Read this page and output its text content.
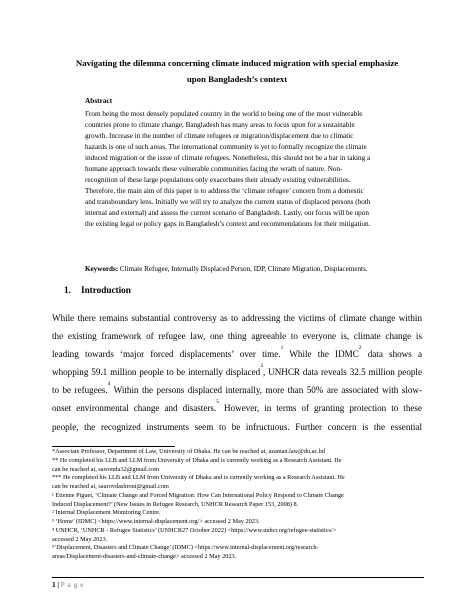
Navigating the dilemma concerning climate induced migration with special emphasize
upon Bangladesh’s context
Abstract

From being the most densely populated country in the world to being one of the most vulnerable

countries prone to climate change, Bangladesh has many areas to focus upon for a sustainable

growth. Increase in the number of climate refugees or migration/displacement due to climatic

hazards is one of such areas. The international community is yet to formally recognize the climate

induced migration or the issue of climate refugees. Nonetheless, this should not be a bar in taking a

humane approach towards these vulnerable communities facing the wrath of nature. Non-

recognition of these large populations only exacerbates their already existing vulnerabilities.

Therefore, the main aim of this paper is to address the ‘climate refugee’ concern from a domestic

and transboundary lens. Initially we will try to analyze the current status of displaced persons (both

internal and external) and assess the current scenario of Bangladesh. Lastly, our focus will be upon

the existing legal or policy gaps in Bangladesh’s context and recommendations for their mitigation.

Keywords: Climate Refugee, Internally Displaced Person, IDP, Climate Migration, Displacements.
1. Introduction
While there remains substantial controversy as to addressing the victims of climate change within
the existing framework of refugee law, one thing agreeable to everyone is, climate change is
leading towards ‘major forced displacements’ over time.$^1$ While the IDMC$^2$ data shows a
whopping 59.1 million people to be internally displaced$^3$, UNHCR data reveals 32.5 million people
to be refugees.$^4$ Within the persons displaced internally, more than 50% are associated with slow-
onset environmental change and disasters.$^5$ However, in terms of granting protection to these
people, the recognized instruments seem to be infructuous. Further concern is the essential
*Associate Professor, Department of Law, University of Dhaka. He can be reached at, azaman.law@du.ac.bd
** He completed his LLB and LLM from University of Dhaka and is currently working as a Research Assistant. He
can be reached at, sawondu32@gmail.com
*** He completed his LLB and LLM from University of Dhaka and is currently working as a Research Assistant. He
can be reached at, saurovdashroni@gmail.com
¹ Etienne Piguet, ‘Climate Change and Forced Migration: How Can International Policy Respond to Climate Change
Induced Displacement?’ (New Issues in Refugee Research, UNHCR Research Paper 153, 2008) 8.
² Internal Displacement Monitoring Centre.
³ ‘Home’ (IDMC) <https://www.internal-displacement.org/> accessed 2 May 2023.
⁴ UNHCR, ‘UNHCR - Refugee Statistics’ (UNHCR27 October 2022) <https://www.unhcr.org/refugee-statistics/>
accessed 2 May 2023.
⁵‘Displacement, Disasters and Climate Change’ (IDMC) <https://www.internal-displacement.org/research-
areas/Displacement-disasters-and-climate-change> accessed 2 May 2023.
1 | P a g e
